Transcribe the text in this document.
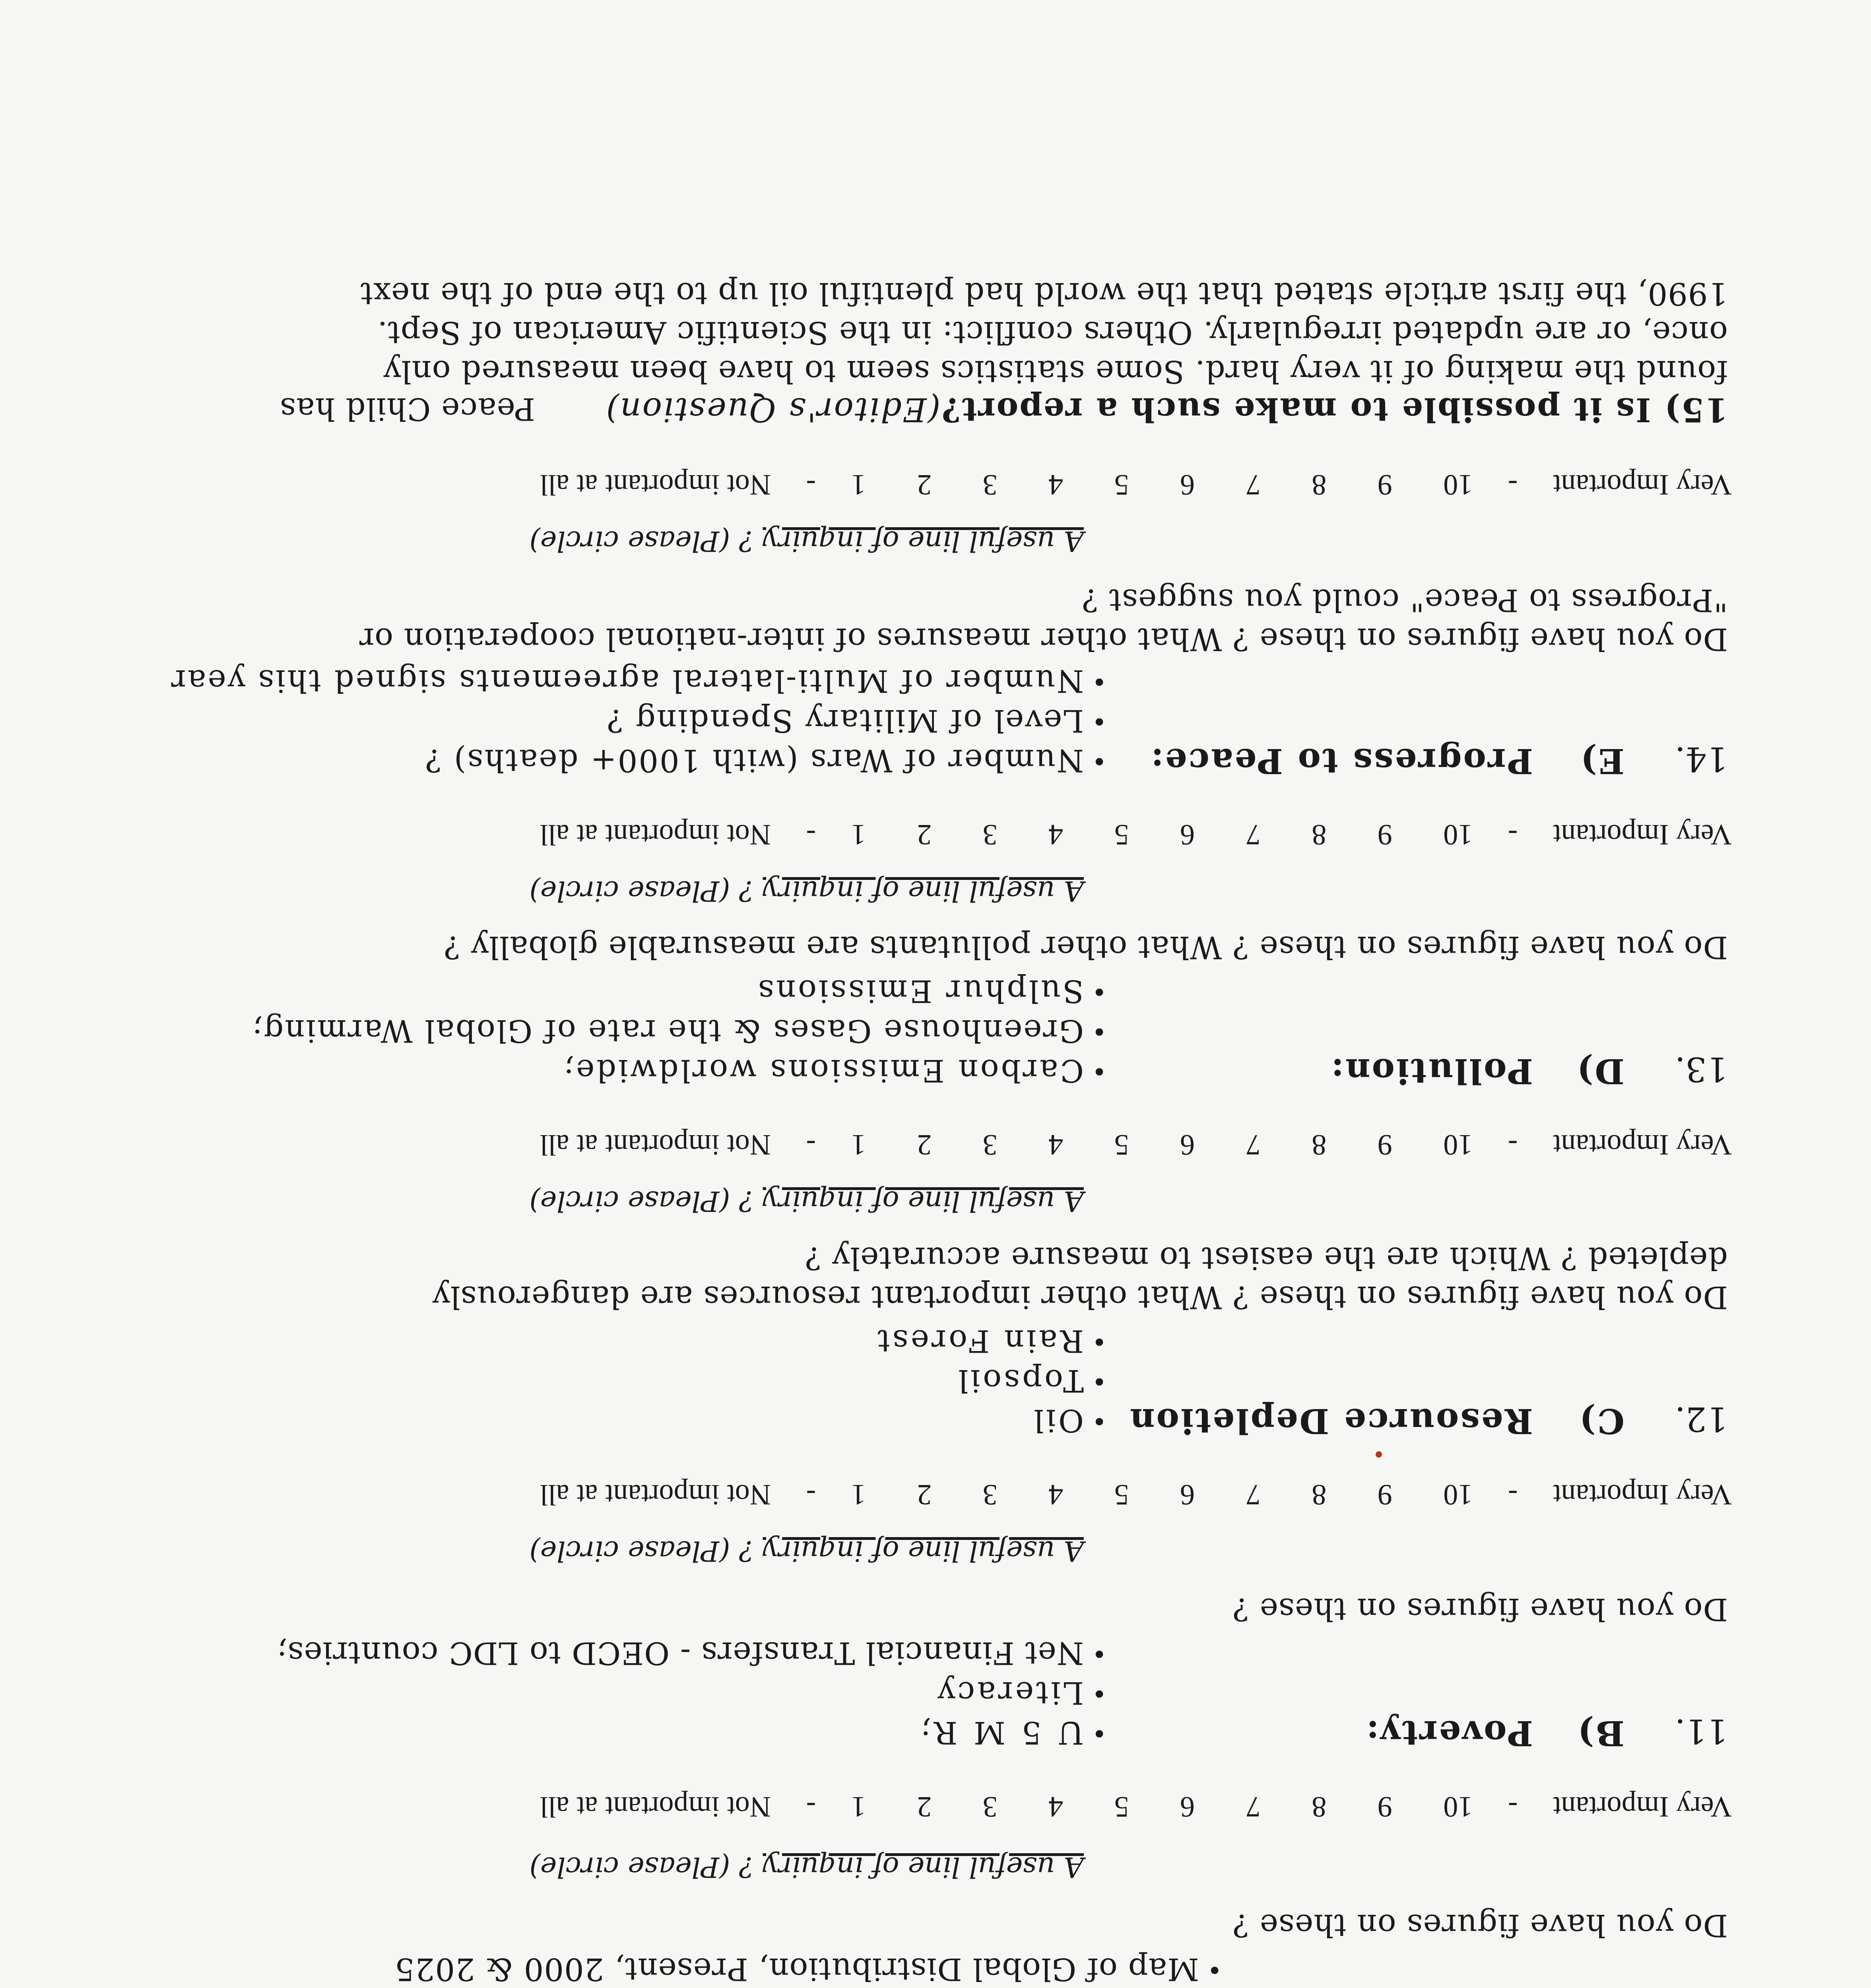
• Map of Global Distribution, Present, 2000 & 2025
Do you have figures on these ?
A useful line of inquiry ? (Please circle)
Very Important - 10 9 8 7 6 5 4 3 2 1 - Not important at all
11.
B)
Poverty:
• U 5 M R;
• Literacy
• Net Financial Transfers - OECD to LDC countries;
Do you have figures on these ?
A useful line of inquiry ? (Please circle)
Very Important - 10 9 8 7 6 5 4 3 2 1 - Not important at all
12.
C)
Resource Depletion
• Oil
• Topsoil
• Rain Forest
Do you have figures on these ? What other important resources are dangerously
depleted ? Which are the easiest to measure accurately ?
A useful line of inquiry ? (Please circle)
Very Important - 10 9 8 7 6 5 4 3 2 1 - Not important at all
13.
D)
Pollution:
• Carbon Emissions worldwide;
• Greenhouse Gases & the rate of Global Warming;
• Sulphur Emissions
Do you have figures on these ? What other pollutants are measurable globally ?
A useful line of inquiry ? (Please circle)
Very Important - 10 9 8 7 6 5 4 3 2 1 - Not important at all
14.
E)
Progress to Peace:
• Number of Wars (with 1000+ deaths) ?
• Level of Military Spending ?
• Number of Multi-lateral agreements signed this year
Do you have figures on these ? What other measures of inter-national cooperation or
"Progress to Peace" could you suggest ?
A useful line of inquiry ? (Please circle)
Very Important - 10 9 8 7 6 5 4 3 2 1 - Not important at all
15) Is it possible to make such a report?(Editor's Question) Peace Child has
found the making of it very hard. Some statistics seem to have been measured only
once, or are updated irregularly. Others conflict: in the Scientific American of Sept.
1990, the first article stated that the world had plentiful oil up to the end of the next
